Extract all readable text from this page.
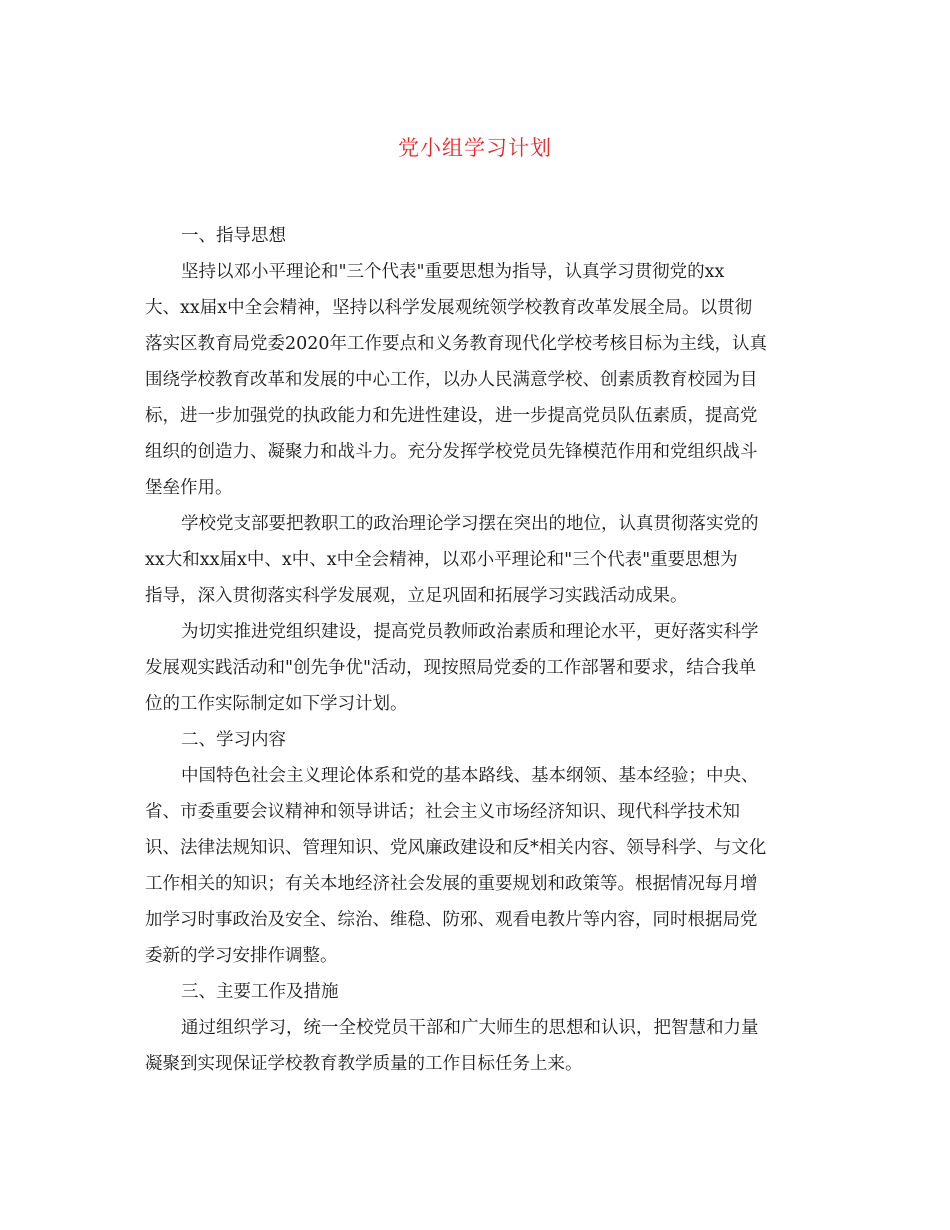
党小组学习计划
一、指导思想
坚持以邓小平理论和"三个代表"重要思想为指导，认真学习贯彻党的xx
大、xx届x中全会精神，坚持以科学发展观统领学校教育改革发展全局。以贯彻
落实区教育局党委2020年工作要点和义务教育现代化学校考核目标为主线，认真
围绕学校教育改革和发展的中心工作，以办人民满意学校、创素质教育校园为目
标，进一步加强党的执政能力和先进性建设，进一步提高党员队伍素质，提高党
组织的创造力、凝聚力和战斗力。充分发挥学校党员先锋模范作用和党组织战斗
堡垒作用。
学校党支部要把教职工的政治理论学习摆在突出的地位，认真贯彻落实党的
xx大和xx届x中、x中、x中全会精神，以邓小平理论和"三个代表"重要思想为
指导，深入贯彻落实科学发展观，立足巩固和拓展学习实践活动成果。
为切实推进党组织建设，提高党员教师政治素质和理论水平，更好落实科学
发展观实践活动和"创先争优"活动，现按照局党委的工作部署和要求，结合我单
位的工作实际制定如下学习计划。
二、学习内容
中国特色社会主义理论体系和党的基本路线、基本纲领、基本经验；中央、
省、市委重要会议精神和领导讲话；社会主义市场经济知识、现代科学技术知
识、法律法规知识、管理知识、党风廉政建设和反*相关内容、领导科学、与文化
工作相关的知识；有关本地经济社会发展的重要规划和政策等。根据情况每月增
加学习时事政治及安全、综治、维稳、防邪、观看电教片等内容，同时根据局党
委新的学习安排作调整。
三、主要工作及措施
通过组织学习，统一全校党员干部和广大师生的思想和认识，把智慧和力量
凝聚到实现保证学校教育教学质量的工作目标任务上来。
